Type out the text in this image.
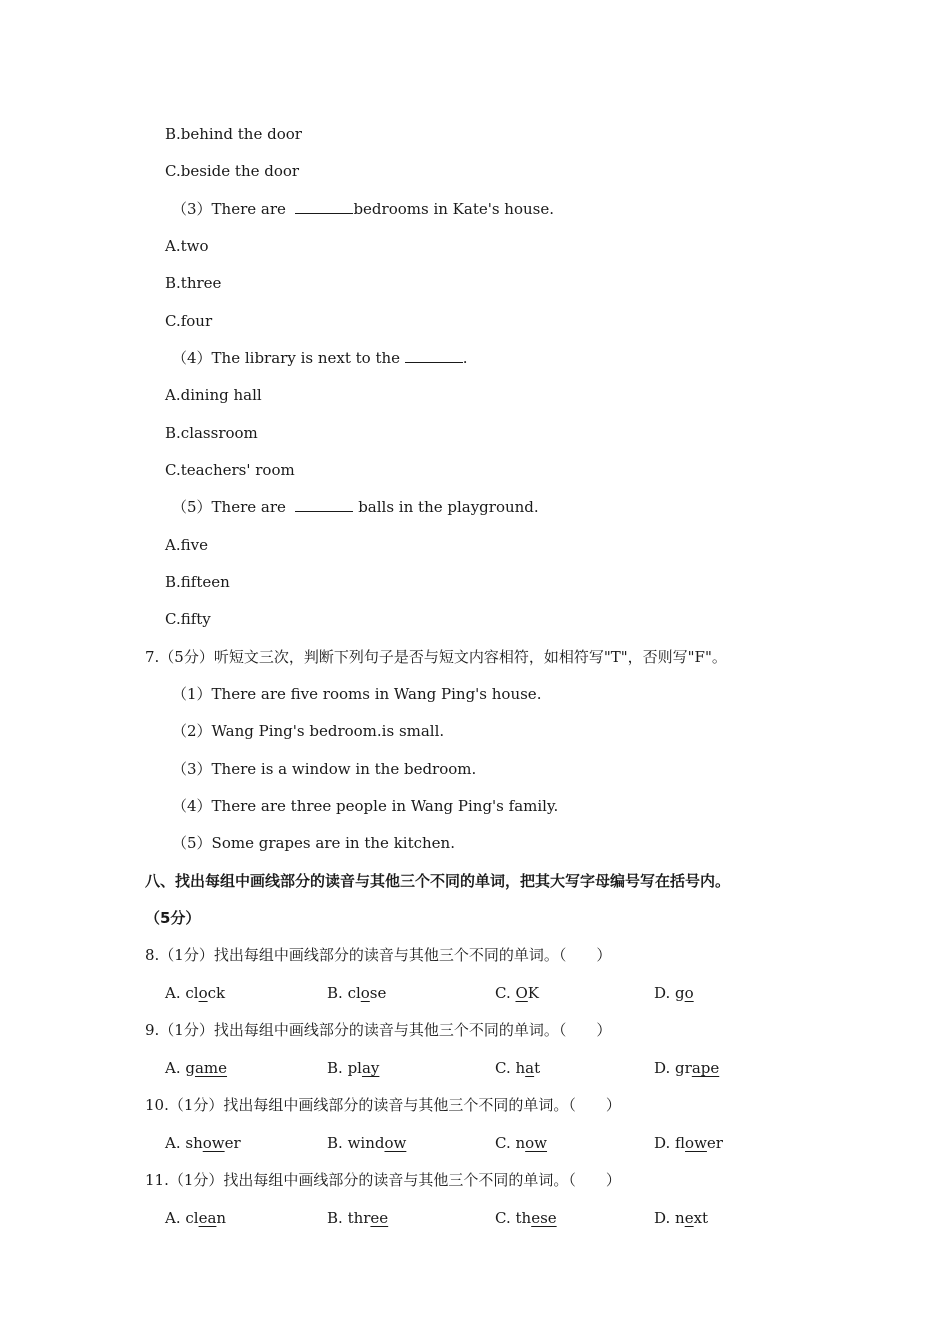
B.behind the door
C.beside the door
（3）There are	bedrooms in Kate's house.
A.two
B.three
C.four
（4）The library is next to the	.
A.dining hall
B.classroom
C.teachers' room
（5）There are	balls in the playground.
A.five
B.fifteen
C.fifty
7.（5分）听短文三次，判断下列句子是否与短文内容相符，如相符写"T"，否则写"F"。
（1）There are five rooms in Wang Ping's house.
（2）Wang Ping's bedroom.is small.
（3）There is a window in the bedroom.
（4）There are three people in Wang Ping's family.
（5）Some grapes are in the kitchen.
八、找出每组中画线部分的读音与其他三个不同的单词，把其大写字母编号写在括号内。
（5分）
8.（1分）找出每组中画线部分的读音与其他三个不同的单词。（　　）

A. clock

	B. close

	C. OK

	D. go

9.（1分）找出每组中画线部分的读音与其他三个不同的单词。（　　）

A. game

	B. play

	C. hat

	D. grape

10.（1分）找出每组中画线部分的读音与其他三个不同的单词。（　　）

A. shower

	B. window

	C. now

	D. flower

11.（1分）找出每组中画线部分的读音与其他三个不同的单词。（　　）

A. clean

	B. three

	C. these

	D. next
